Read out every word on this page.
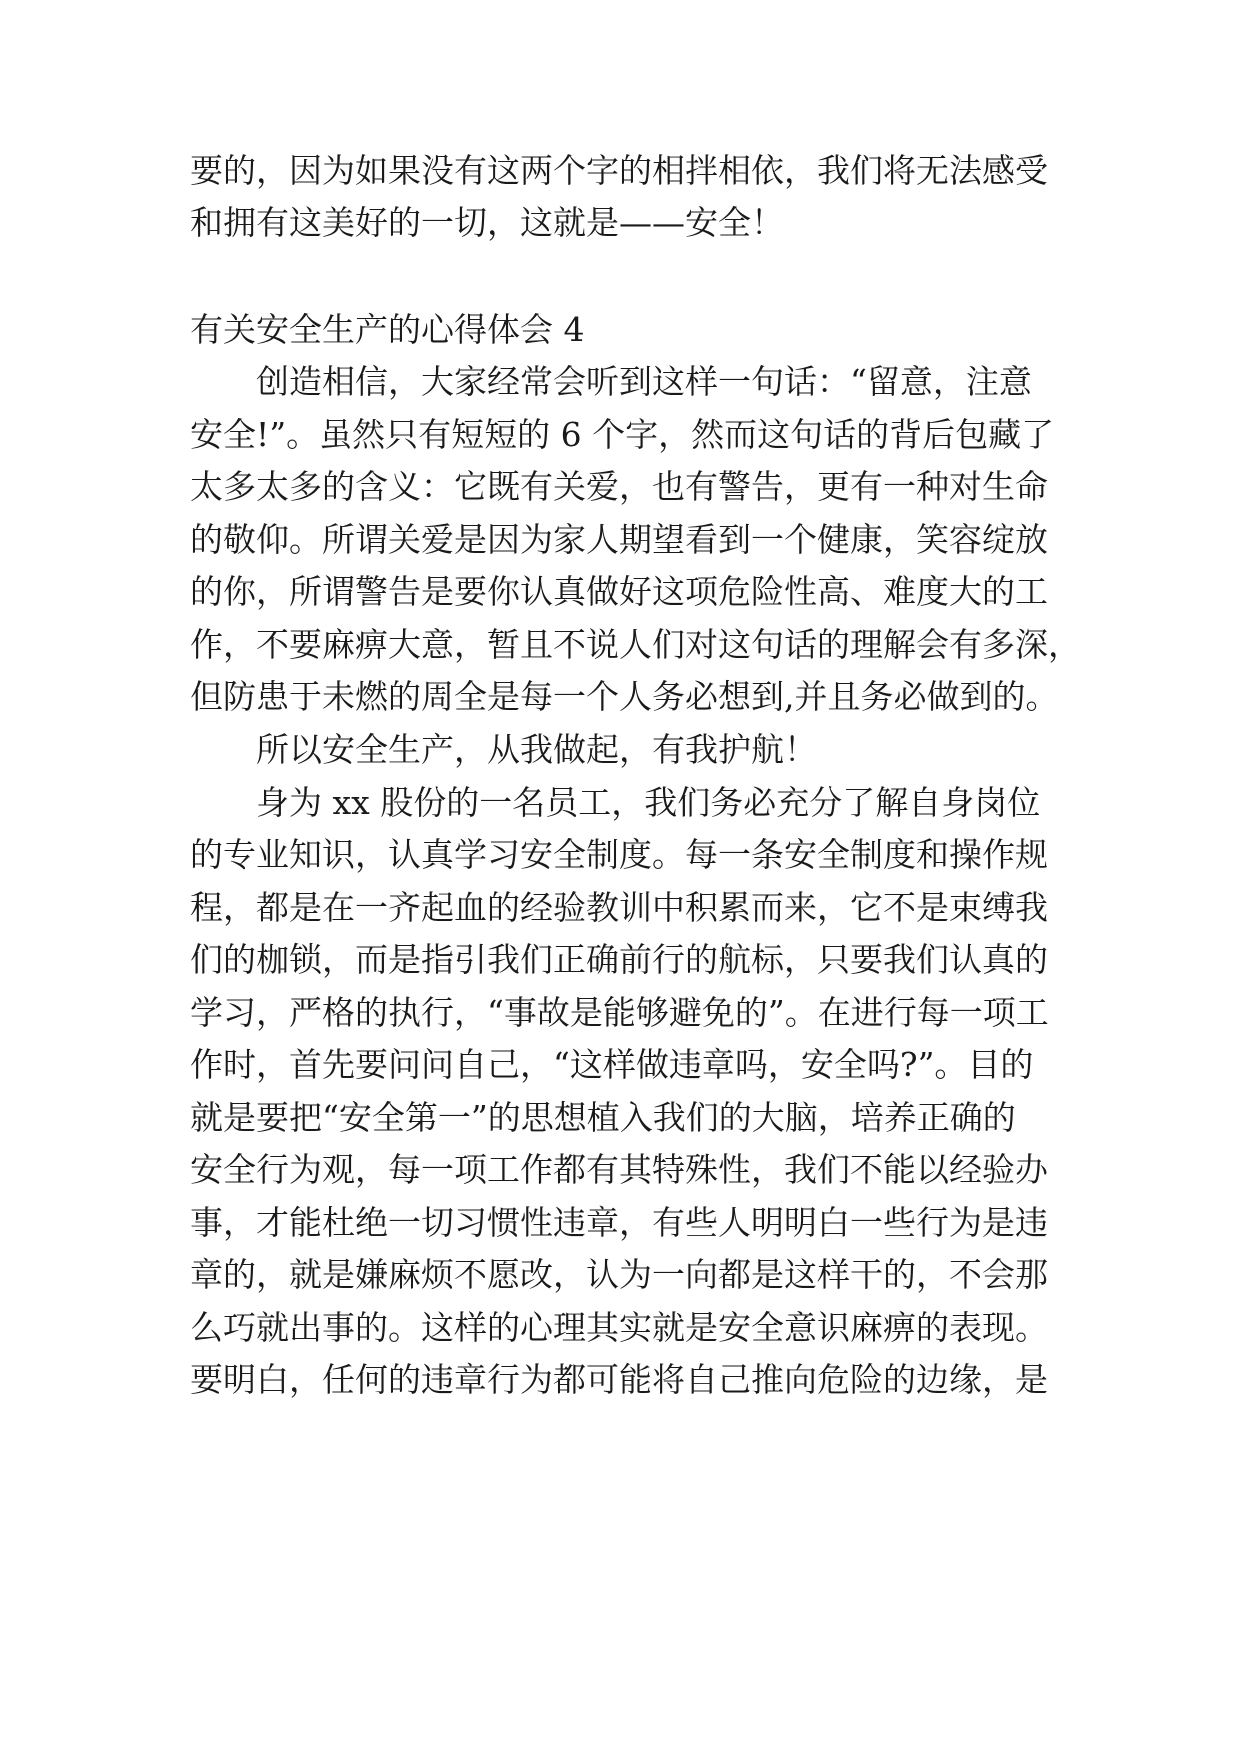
要的，因为如果没有这两个字的相拌相依，我们将无法感受
和拥有这美好的一切，这就是——安全！
有关安全生产的心得体会 4
创造相信，大家经常会听到这样一句话：“留意，注意
安全!”。虽然只有短短的 6 个字，然而这句话的背后包藏了
太多太多的含义：它既有关爱，也有警告，更有一种对生命
的敬仰。所谓关爱是因为家人期望看到一个健康，笑容绽放
的你，所谓警告是要你认真做好这项危险性高、难度大的工
作，不要麻痹大意，暂且不说人们对这句话的理解会有多深，
但防患于未燃的周全是每一个人务必想到,并且务必做到的。
所以安全生产，从我做起，有我护航！
身为 xx 股份的一名员工，我们务必充分了解自身岗位
的专业知识，认真学习安全制度。每一条安全制度和操作规
程，都是在一齐起血的经验教训中积累而来，它不是束缚我
们的枷锁，而是指引我们正确前行的航标，只要我们认真的
学习，严格的执行，“事故是能够避免的”。在进行每一项工
作时，首先要问问自己，“这样做违章吗，安全吗?”。目的
就是要把“安全第一”的思想植入我们的大脑，培养正确的
安全行为观，每一项工作都有其特殊性，我们不能以经验办
事，才能杜绝一切习惯性违章，有些人明明白一些行为是违
章的，就是嫌麻烦不愿改，认为一向都是这样干的，不会那
么巧就出事的。这样的心理其实就是安全意识麻痹的表现。
要明白，任何的违章行为都可能将自己推向危险的边缘，是
